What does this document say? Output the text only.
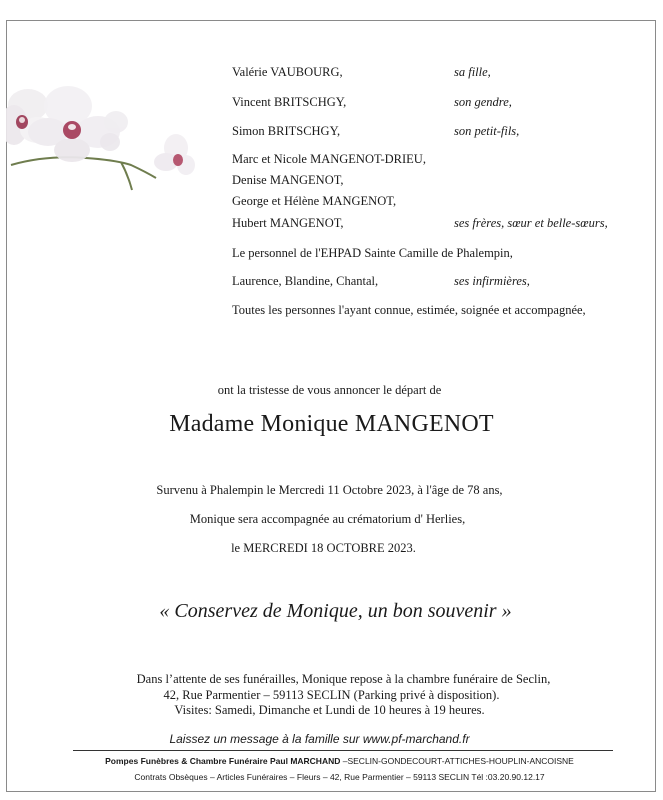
Valérie VAUBOURG,	sa fille,
Vincent BRITSCHGY,	son gendre,
Simon BRITSCHGY,	son petit-fils,
Marc et Nicole MANGENOT-DRIEU,
Denise MANGENOT,
George et Hélène MANGENOT,
Hubert MANGENOT,	ses frères, sœur et belle-sœurs,
Le personnel de l'EHPAD Sainte Camille de Phalempin,
Laurence, Blandine, Chantal,	ses infirmières,
Toutes les personnes l'ayant connue, estimée, soignée et accompagnée,
ont la tristesse de vous annoncer le départ de
Madame Monique MANGENOT
Survenu à Phalempin le Mercredi 11 Octobre 2023, à l'âge de 78 ans,
Monique sera accompagnée au crématorium d' Herlies,
le MERCREDI 18 OCTOBRE 2023.
« Conservez de Monique, un bon souvenir »
Dans l’attente de ses funérailles, Monique repose à la chambre funéraire de Seclin,
42, Rue Parmentier – 59113 SECLIN (Parking privé à disposition).
Visites: Samedi, Dimanche et Lundi de 10 heures à 19 heures.
Laissez un message à la famille sur www.pf-marchand.fr
Pompes Funèbres & Chambre Funéraire Paul MARCHAND –SECLIN-GONDECOURT-ATTICHES-HOUPLIN-ANCOISNE
Contrats Obsèques – Articles Funéraires – Fleurs – 42, Rue Parmentier – 59113 SECLIN Tél :03.20.90.12.17
